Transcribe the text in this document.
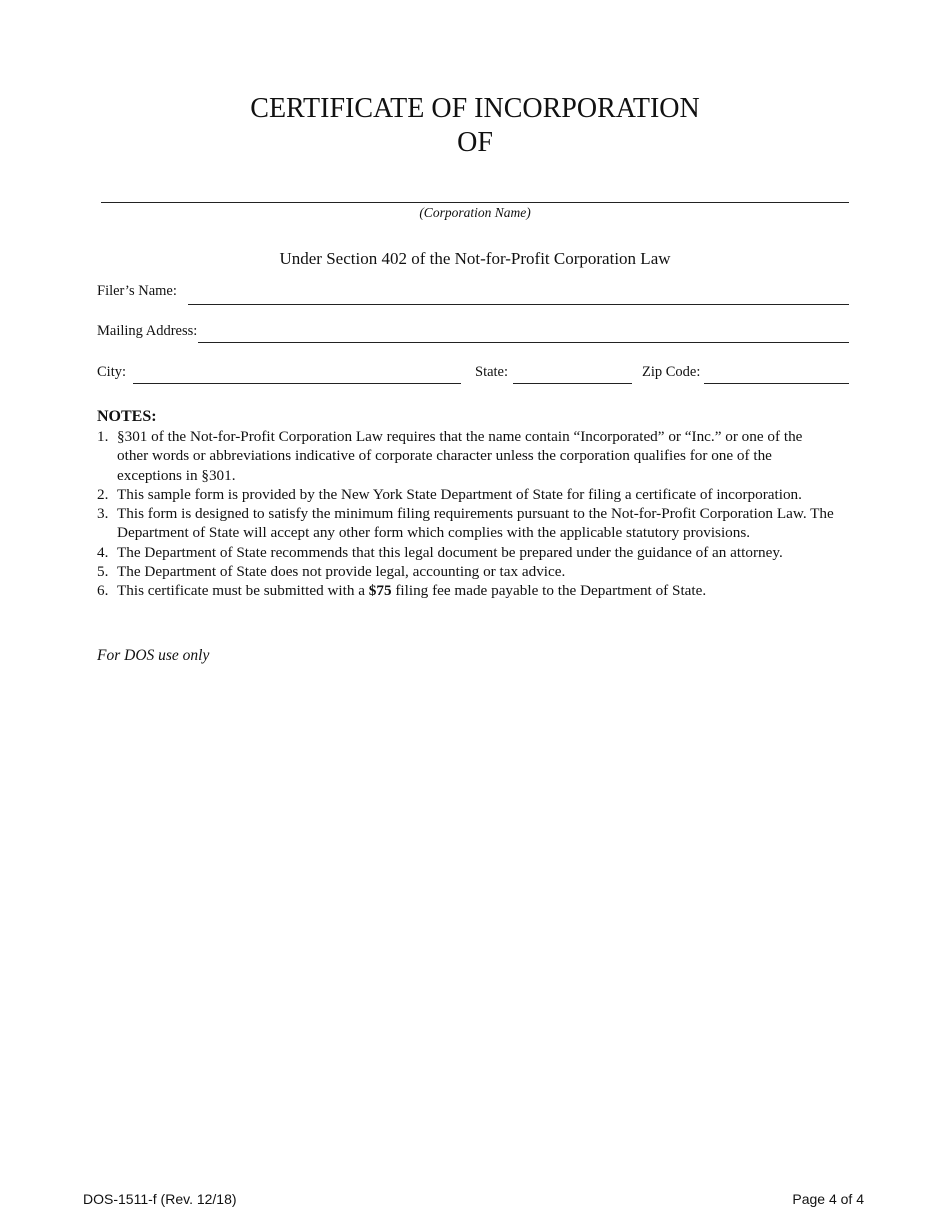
CERTIFICATE OF INCORPORATION
OF
(Corporation Name)
Under Section 402 of the Not-for-Profit Corporation Law
Filer’s Name:
Mailing Address:
City:	State:	Zip Code:
NOTES:
1. §301 of the Not-for-Profit Corporation Law requires that the name contain “Incorporated” or “Inc.” or one of the other words or abbreviations indicative of corporate character unless the corporation qualifies for one of the exceptions in §301.
2. This sample form is provided by the New York State Department of State for filing a certificate of incorporation.
3. This form is designed to satisfy the minimum filing requirements pursuant to the Not-for-Profit Corporation Law. The Department of State will accept any other form which complies with the applicable statutory provisions.
4. The Department of State recommends that this legal document be prepared under the guidance of an attorney.
5. The Department of State does not provide legal, accounting or tax advice.
6. This certificate must be submitted with a $75 filing fee made payable to the Department of State.
For DOS use only
DOS-1511-f (Rev. 12/18)	Page 4 of 4
